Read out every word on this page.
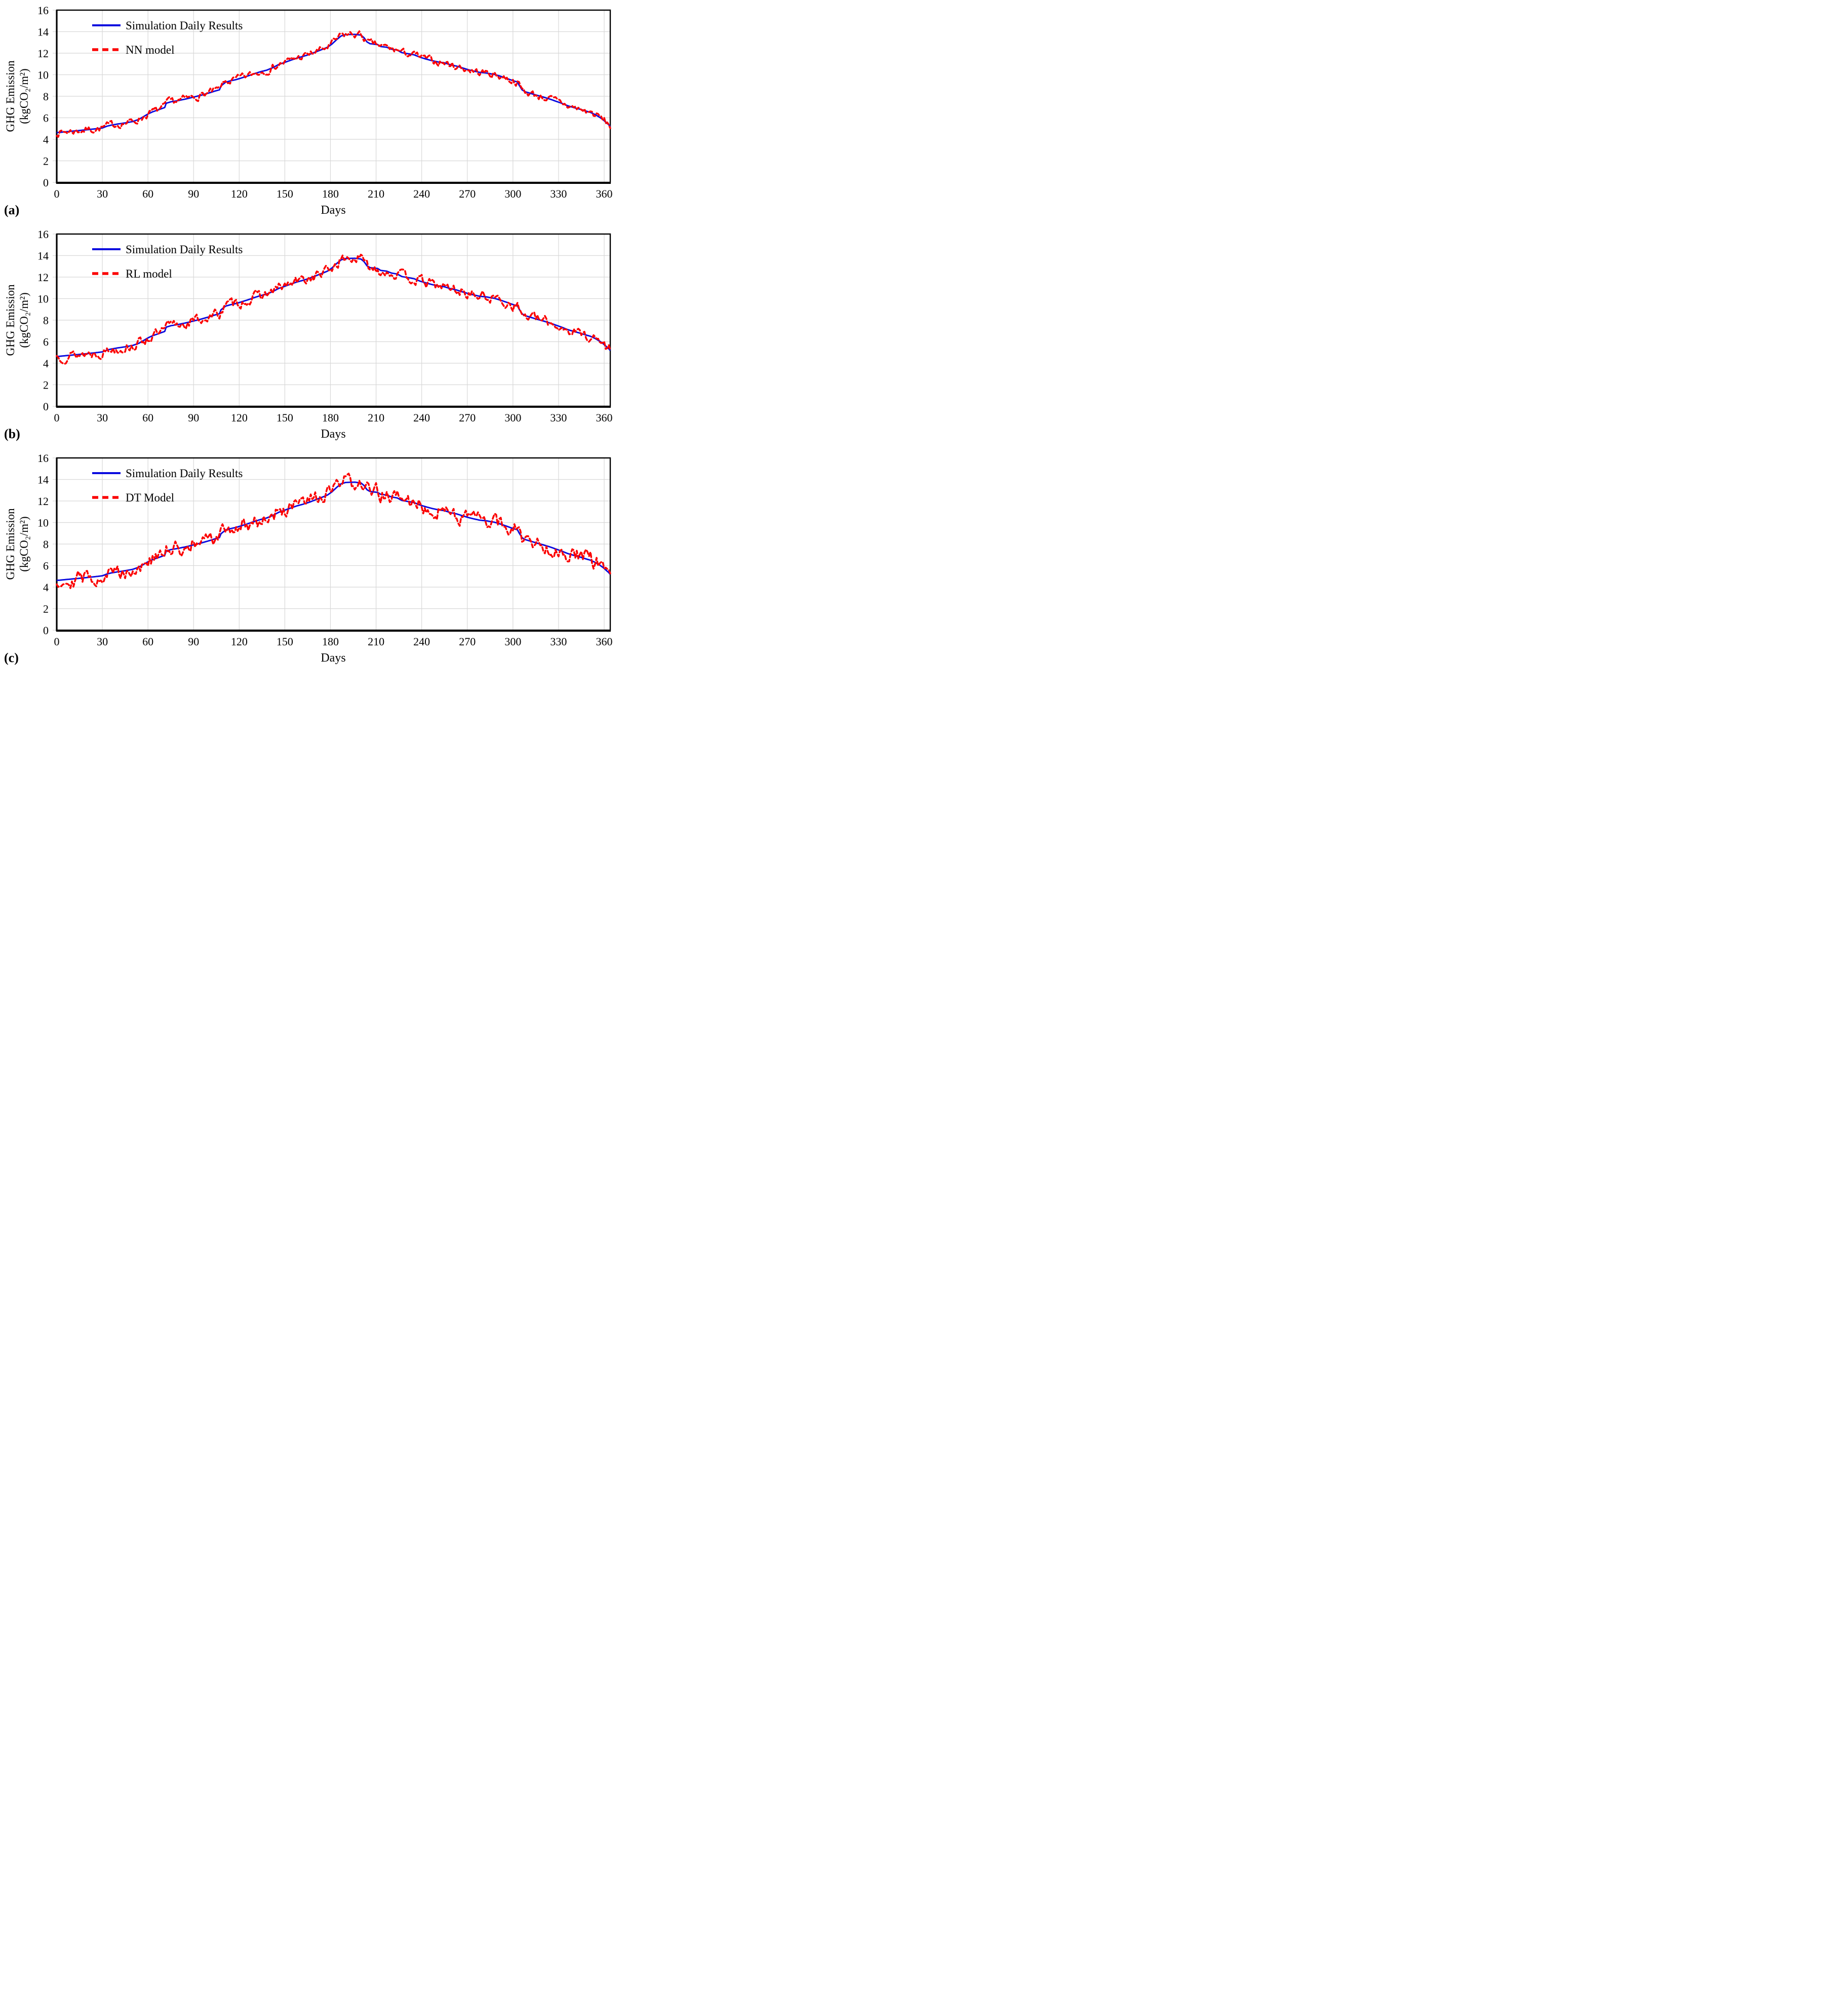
0
2
4
6
8
10
12
14
16
0	30	60	90	120	150	180	210	240	270	300	330	360
Simulation Daily Results
NN model
GHG Emission (kgCO₂/m²)
(a)	Days
0
2
4
6
8
10
12
14
16
0	30	60	90	120	150	180	210	240	270	300	330	360
Simulation Daily Results
RL model
GHG Emission (kgCO₂/m²)
(b)	Days
0
2
4
6
8
10
12
14
16
0	30	60	90	120	150	180	210	240	270	300	330	360
Simulation Daily Results
DT Model
GHG Emission (kgCO₂/m²)
(c)	Days
